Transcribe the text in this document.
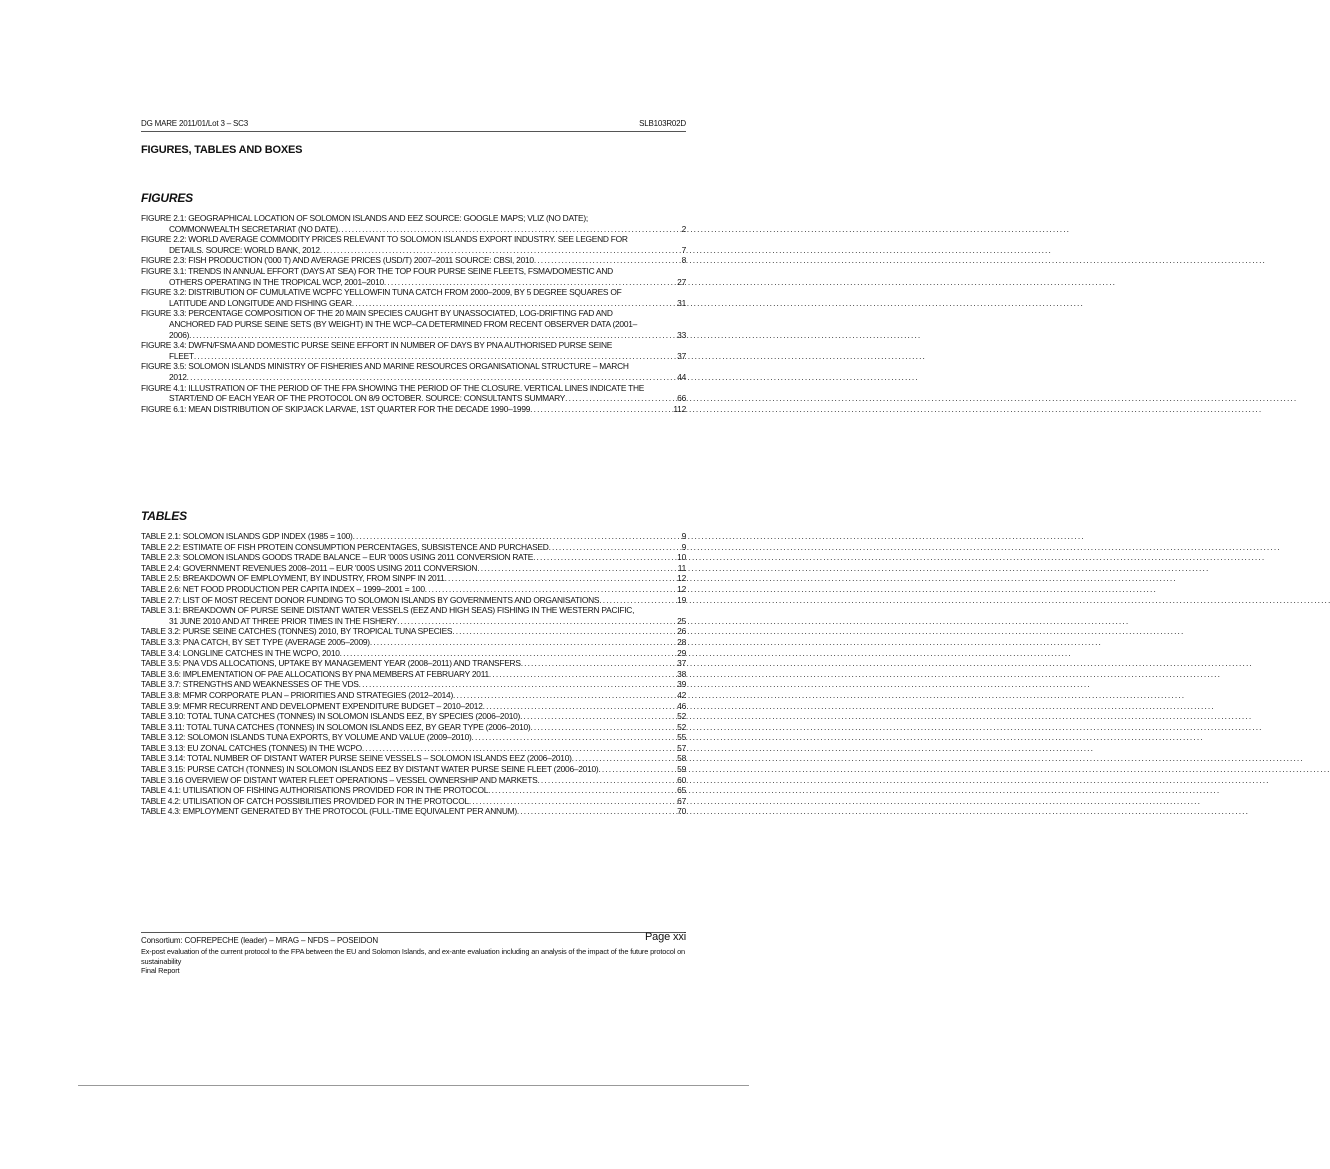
DG MARE 2011/01/Lot 3 – SC3	SLB103R02D
FIGURES, TABLES AND BOXES
FIGURES
FIGURE 2.1: GEOGRAPHICAL LOCATION OF SOLOMON ISLANDS AND EEZ SOURCE: GOOGLE MAPS; VLIZ (NO DATE);
COMMONWEALTH SECRETARIAT (NO DATE) . . .	2
FIGURE 2.2: WORLD AVERAGE COMMODITY PRICES RELEVANT TO SOLOMON ISLANDS EXPORT INDUSTRY. SEE LEGEND FOR
DETAILS. SOURCE: WORLD BANK, 2012 . . .	7
FIGURE 2.3: FISH PRODUCTION ('000 T) AND AVERAGE PRICES (USD/T) 2007–2011 SOURCE: CBSI, 2010 . . .	8
FIGURE 3.1: TRENDS IN ANNUAL EFFORT (DAYS AT SEA) FOR THE TOP FOUR PURSE SEINE FLEETS, FSMA/DOMESTIC AND
OTHERS OPERATING IN THE TROPICAL WCP, 2001–2010 . . .	27
FIGURE 3.2: DISTRIBUTION OF CUMULATIVE WCPFC YELLOWFIN TUNA CATCH FROM 2000–2009, BY 5 DEGREE SQUARES OF
LATITUDE AND LONGITUDE AND FISHING GEAR . . .	31
FIGURE 3.3: PERCENTAGE COMPOSITION OF THE 20 MAIN SPECIES CAUGHT BY UNASSOCIATED, LOG-DRIFTING FAD AND
ANCHORED FAD PURSE SEINE SETS (BY WEIGHT) IN THE WCP–CA DETERMINED FROM RECENT OBSERVER DATA (2001–
2006) . . .	33
FIGURE 3.4: DWFN/FSMA AND DOMESTIC PURSE SEINE EFFORT IN NUMBER OF DAYS BY PNA AUTHORISED PURSE SEINE
FLEET . . .	37
FIGURE 3.5: SOLOMON ISLANDS MINISTRY OF FISHERIES AND MARINE RESOURCES ORGANISATIONAL STRUCTURE – MARCH
2012 . . .	44
FIGURE 4.1: ILLUSTRATION OF THE PERIOD OF THE FPA SHOWING THE PERIOD OF THE CLOSURE. VERTICAL LINES INDICATE THE
START/END OF EACH YEAR OF THE PROTOCOL ON 8/9 OCTOBER. SOURCE: CONSULTANTS SUMMARY . . .	66
FIGURE 6.1: MEAN DISTRIBUTION OF SKIPJACK LARVAE, 1ST QUARTER FOR THE DECADE 1990–1999 . . .	112
TABLES
TABLE 2.1: SOLOMON ISLANDS GDP INDEX (1985 = 100) . . .	9
TABLE 2.2: ESTIMATE OF FISH PROTEIN CONSUMPTION PERCENTAGES, SUBSISTENCE AND PURCHASED . . .	9
TABLE 2.3: SOLOMON ISLANDS GOODS TRADE BALANCE – EUR '000S USING 2011 CONVERSION RATE . . .	10
TABLE 2.4: GOVERNMENT REVENUES 2008–2011 – EUR '000S USING 2011 CONVERSION . . .	11
TABLE 2.5: BREAKDOWN OF EMPLOYMENT, BY INDUSTRY, FROM SINPF IN 2011 . . .	12
TABLE 2.6: NET FOOD PRODUCTION PER CAPITA INDEX – 1999–2001 = 100 . . .	12
TABLE 2.7: LIST OF MOST RECENT DONOR FUNDING TO SOLOMON ISLANDS BY GOVERNMENTS AND ORGANISATIONS . . .	19
TABLE 3.1: BREAKDOWN OF PURSE SEINE DISTANT WATER VESSELS (EEZ AND HIGH SEAS) FISHING IN THE WESTERN PACIFIC,
31 JUNE 2010 AND AT THREE PRIOR TIMES IN THE FISHERY . . .	25
TABLE 3.2: PURSE SEINE CATCHES (TONNES) 2010, BY TROPICAL TUNA SPECIES . . .	26
TABLE 3.3: PNA CATCH, BY SET TYPE (AVERAGE 2005–2009) . . .	28
TABLE 3.4: LONGLINE CATCHES IN THE WCPO, 2010 . . .	29
TABLE 3.5: PNA VDS ALLOCATIONS, UPTAKE BY MANAGEMENT YEAR (2008–2011) AND TRANSFERS . . .	37
TABLE 3.6: IMPLEMENTATION OF PAE ALLOCATIONS BY PNA MEMBERS AT FEBRUARY 2011 . . .	38
TABLE 3.7: STRENGTHS AND WEAKNESSES OF THE VDS . . .	39
TABLE 3.8: MFMR CORPORATE PLAN – PRIORITIES AND STRATEGIES (2012–2014) . . .	42
TABLE 3.9: MFMR RECURRENT AND DEVELOPMENT EXPENDITURE BUDGET – 2010–2012 . . .	46
TABLE 3.10: TOTAL TUNA CATCHES (TONNES) IN SOLOMON ISLANDS EEZ, BY SPECIES (2006–2010) . . .	52
TABLE 3.11: TOTAL TUNA CATCHES (TONNES) IN SOLOMON ISLANDS EEZ, BY GEAR TYPE (2006–2010) . . .	52
TABLE 3.12: SOLOMON ISLANDS TUNA EXPORTS, BY VOLUME AND VALUE (2009–2010) . . .	55
TABLE 3.13: EU ZONAL CATCHES (TONNES) IN THE WCPO . . .	57
TABLE 3.14: TOTAL NUMBER OF DISTANT WATER PURSE SEINE VESSELS – SOLOMON ISLANDS EEZ (2006–2010) . . .	58
TABLE 3.15: PURSE CATCH (TONNES) IN SOLOMON ISLANDS EEZ BY DISTANT WATER PURSE SEINE FLEET (2006–2010) . . .	59
TABLE 3.16 OVERVIEW OF DISTANT WATER FLEET OPERATIONS – VESSEL OWNERSHIP AND MARKETS . . .	60
TABLE 4.1: UTILISATION OF FISHING AUTHORISATIONS PROVIDED FOR IN THE PROTOCOL . . .	65
TABLE 4.2: UTILISATION OF CATCH POSSIBILITIES PROVIDED FOR IN THE PROTOCOL . . .	67
TABLE 4.3: EMPLOYMENT GENERATED BY THE PROTOCOL (FULL-TIME EQUIVALENT PER ANNUM) . . .	70
Consortium: COFREPECHE (leader) – MRAG – NFDS – POSEIDON	Page xxi
Ex-post evaluation of the current protocol to the FPA between the EU and Solomon Islands, and ex-ante evaluation including an analysis of the impact of the future protocol on sustainability
Final Report
